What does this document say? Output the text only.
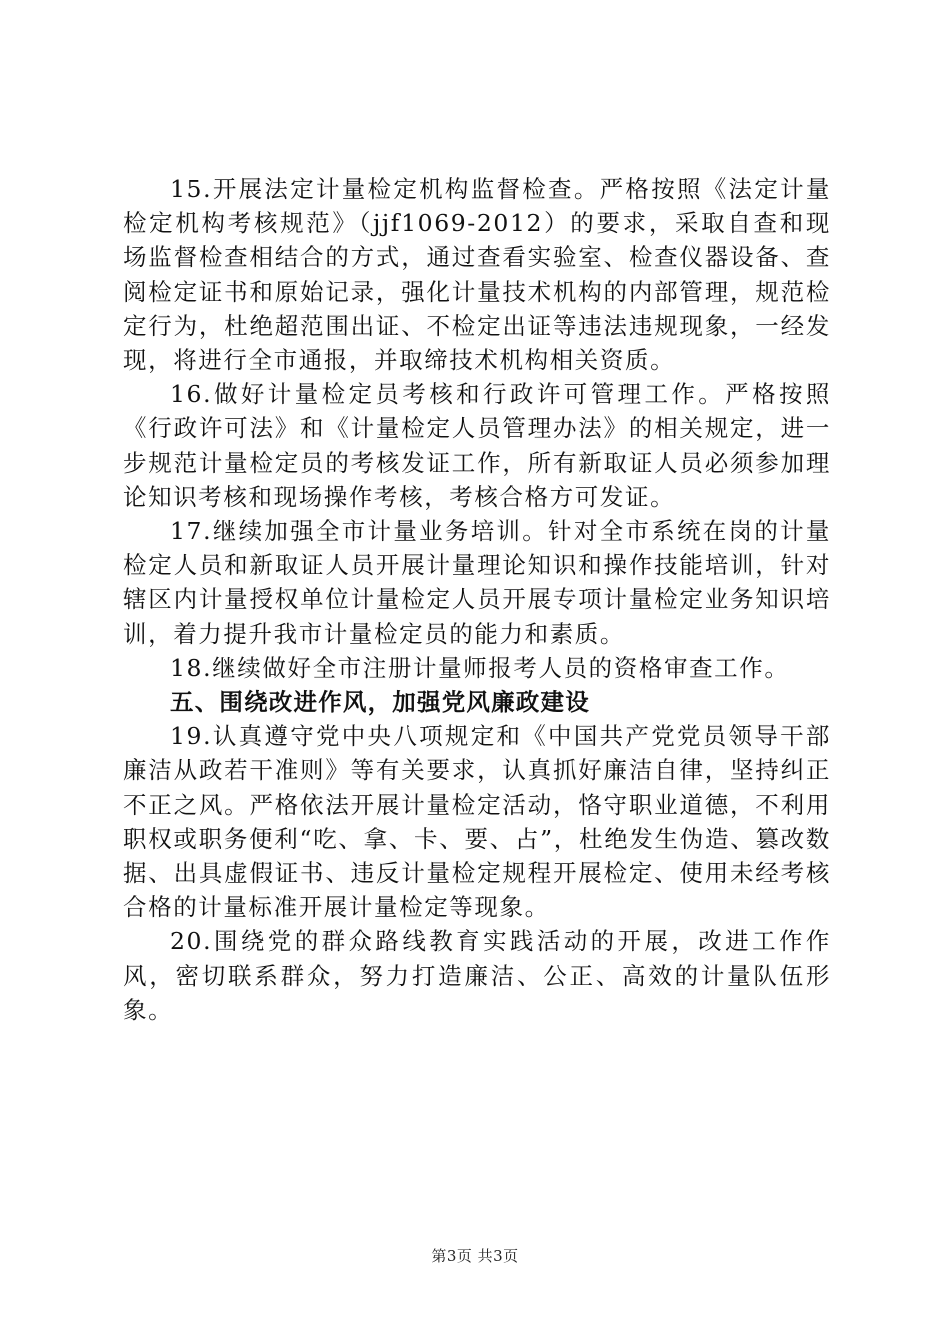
15.开展法定计量检定机构监督检查。严格按照《法定计量检定机构考核规范》（jjf1069-2012）的要求，采取自查和现场监督检查相结合的方式，通过查看实验室、检查仪器设备、查阅检定证书和原始记录，强化计量技术机构的内部管理，规范检定行为，杜绝超范围出证、不检定出证等违法违规现象，一经发现，将进行全市通报，并取缔技术机构相关资质。

16.做好计量检定员考核和行政许可管理工作。严格按照《行政许可法》和《计量检定人员管理办法》的相关规定，进一步规范计量检定员的考核发证工作，所有新取证人员必须参加理论知识考核和现场操作考核，考核合格方可发证。

17.继续加强全市计量业务培训。针对全市系统在岗的计量检定人员和新取证人员开展计量理论知识和操作技能培训，针对辖区内计量授权单位计量检定人员开展专项计量检定业务知识培训，着力提升我市计量检定员的能力和素质。

18.继续做好全市注册计量师报考人员的资格审查工作。

五、围绕改进作风，加强党风廉政建设

19.认真遵守党中央八项规定和《中国共产党党员领导干部廉洁从政若干准则》等有关要求，认真抓好廉洁自律，坚持纠正不正之风。严格依法开展计量检定活动，恪守职业道德，不利用职权或职务便利“吃、拿、卡、要、占”，杜绝发生伪造、篡改数据、出具虚假证书、违反计量检定规程开展检定、使用未经考核合格的计量标准开展计量检定等现象。

20.围绕党的群众路线教育实践活动的开展，改进工作作风，密切联系群众，努力打造廉洁、公正、高效的计量队伍形象。

第3页 共3页
